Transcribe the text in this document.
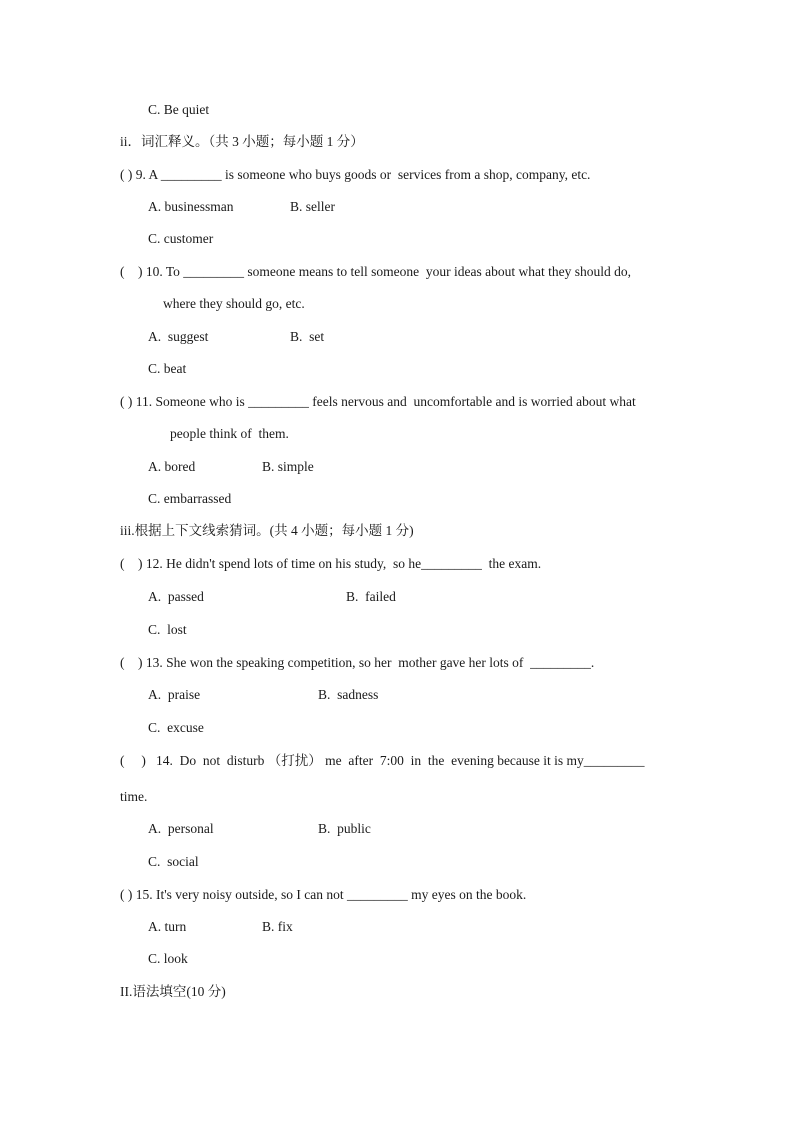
C. Be quiet
ii．词汇释义。（共 3 小题；每小题 1 分）
( ) 9. A _________ is someone who buys goods or  services from a shop, company, etc.
A. businessman	B. seller
C. customer
(    ) 10. To _________ someone means to tell someone  your ideas about what they should do,
where they should go, etc.
A.  suggest	B.  set
C. beat
( ) 11. Someone who is _________ feels nervous and  uncomfortable and is worried about what
people think of  them.
A. bored	B. simple
C. embarrassed
iii.根据上下文线索猜词。(共 4 小题；每小题 1 分)
(    ) 12. He didn't spend lots of time on his study,  so he_________  the exam.
A.  passed	B.  failed
C.  lost
(    ) 13. She won the speaking competition, so her  mother gave her lots of  _________.
A.  praise	B.  sadness
C.  excuse
(     )   14.  Do  not  disturb （打扰） me  after  7:00  in  the  evening because it is my_________
time.
A.  personal	B.  public
C.  social
( ) 15. It's very noisy outside, so I can not _________ my eyes on the book.
A. turn	B. fix
C. look
II.语法填空(10 分)
